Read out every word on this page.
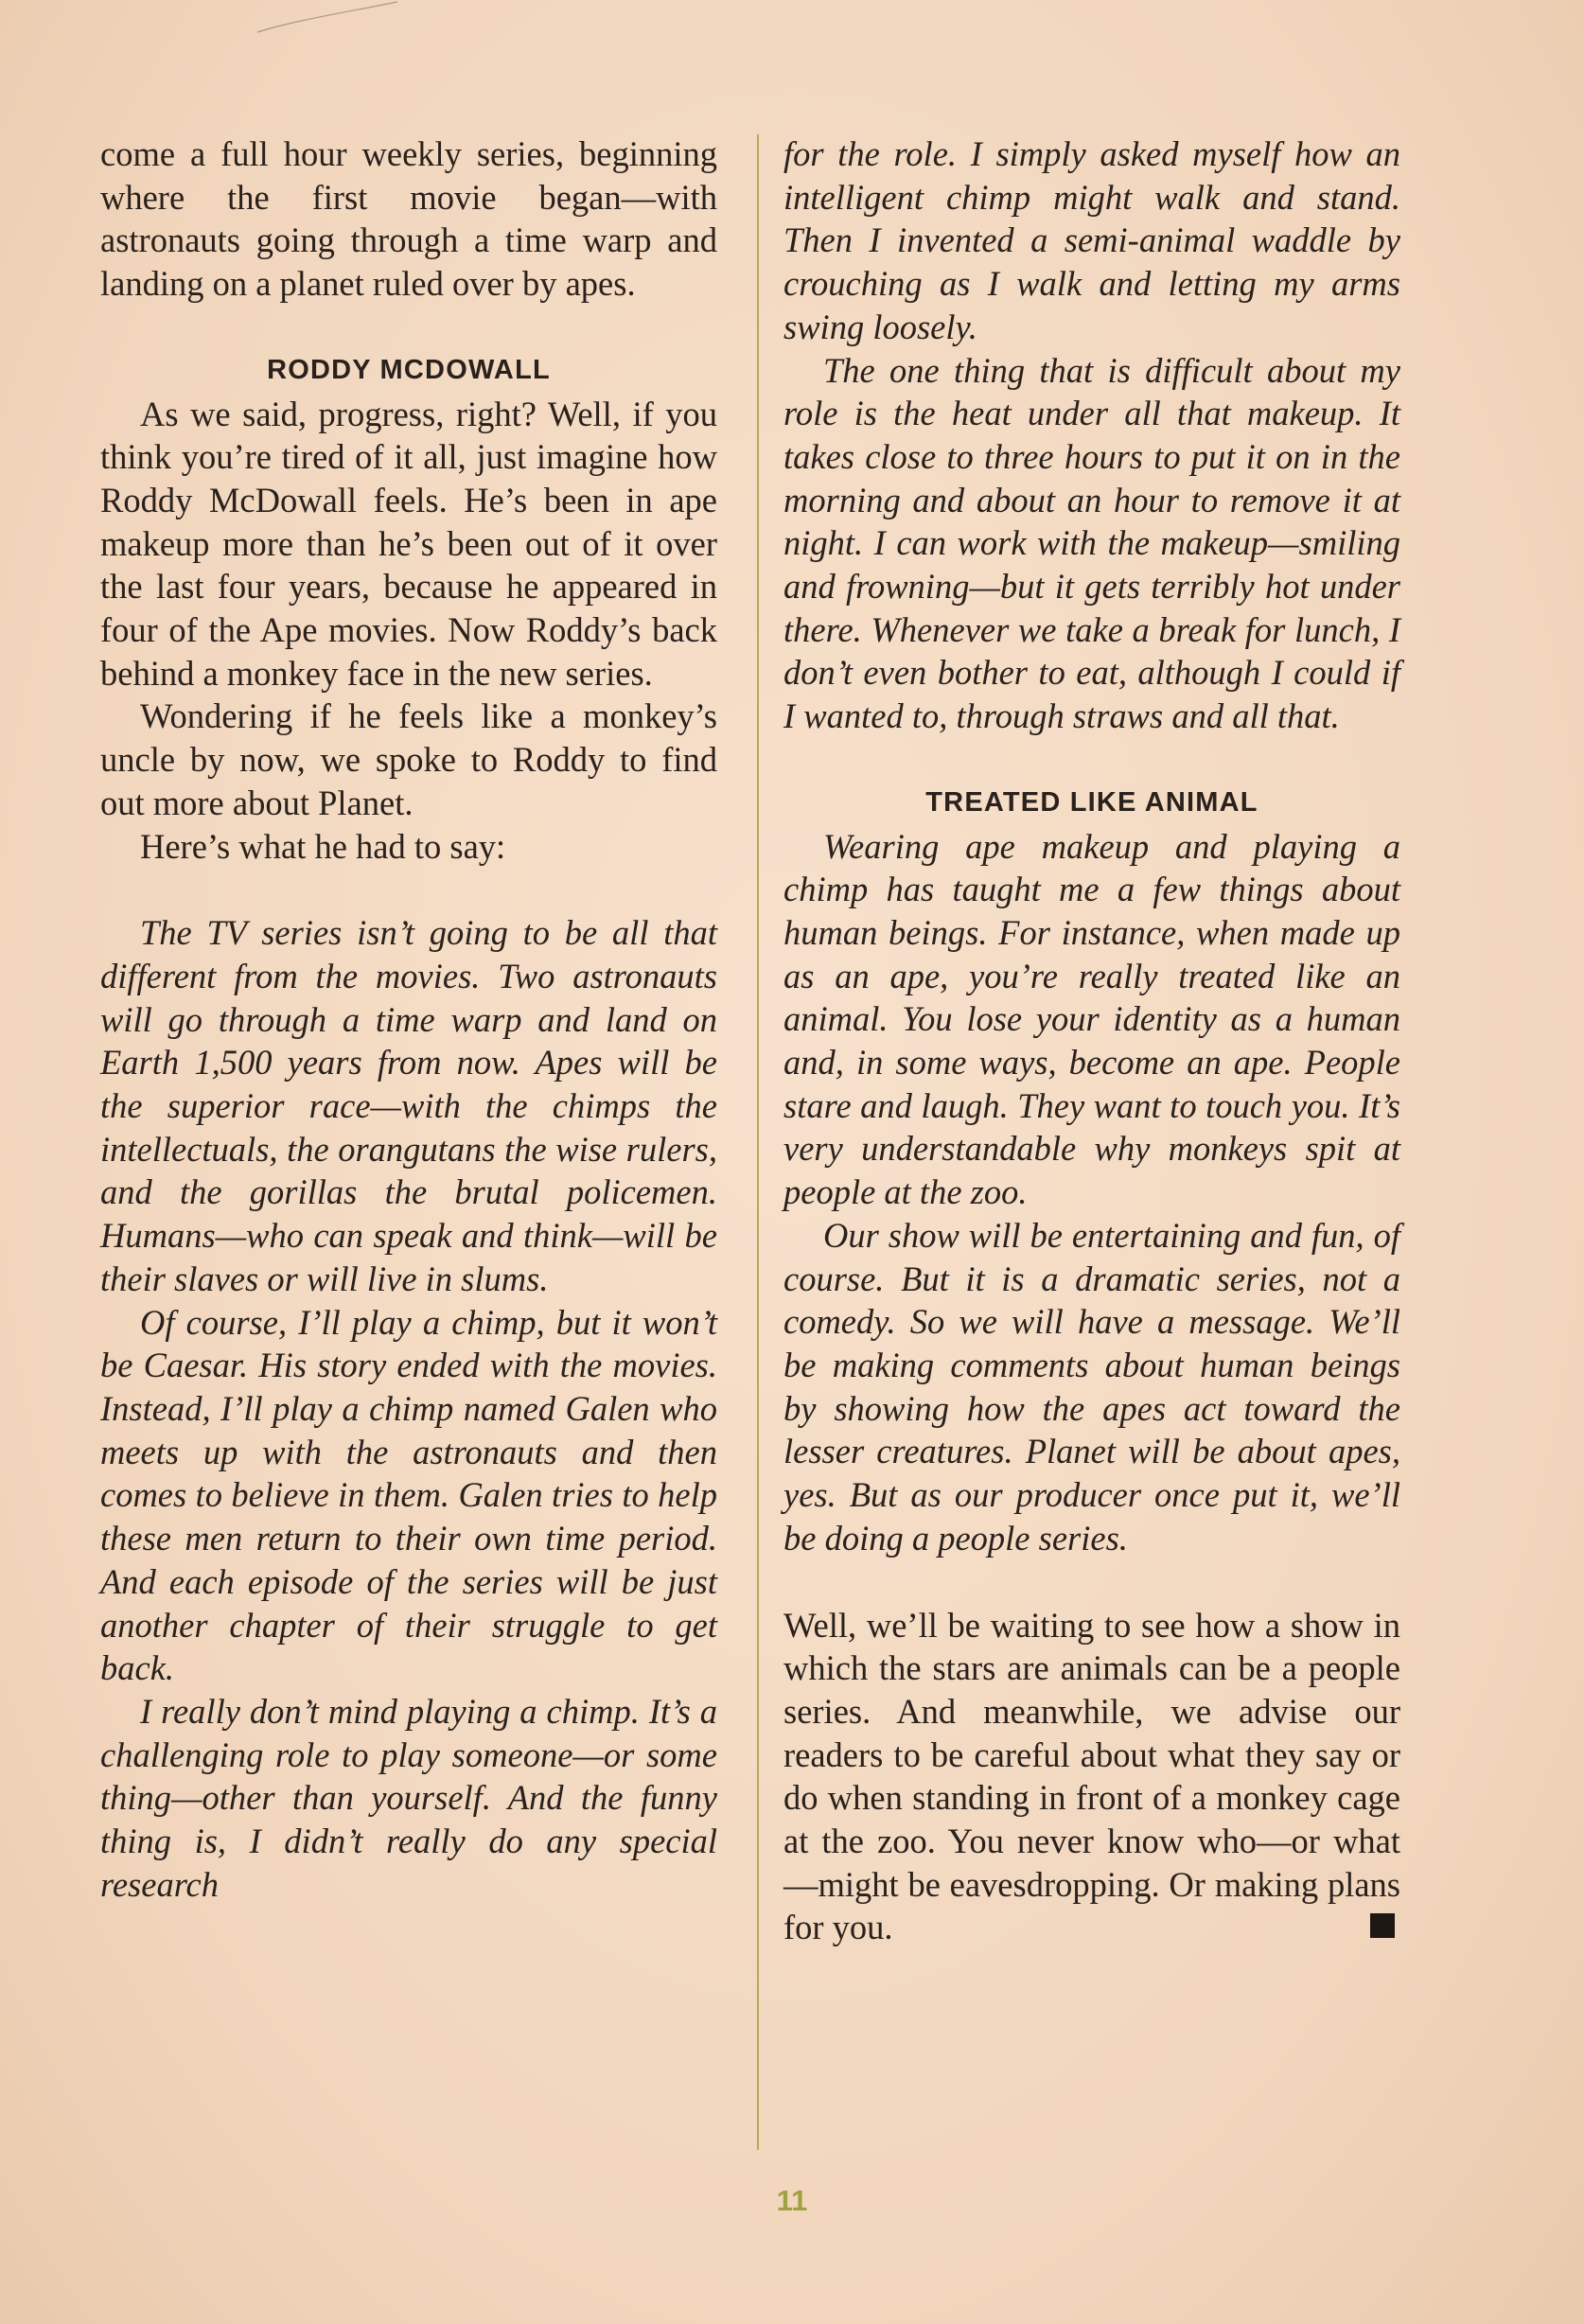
come a full hour weekly series, beginning where the first movie began—with astronauts going through a time warp and landing on a planet ruled over by apes.

RODDY MCDOWALL

As we said, progress, right? Well, if you think you’re tired of it all, just imagine how Roddy McDowall feels. He’s been in ape makeup more than he’s been out of it over the last four years, because he appeared in four of the Ape movies. Now Roddy’s back behind a monkey face in the new series.

Wondering if he feels like a monkey’s uncle by now, we spoke to Roddy to find out more about Planet.

Here’s what he had to say:

The TV series isn’t going to be all that different from the movies. Two astronauts will go through a time warp and land on Earth 1,500 years from now. Apes will be the superior race—with the chimps the intellectuals, the orangutans the wise rulers, and the gorillas the brutal policemen. Humans—who can speak and think—will be their slaves or will live in slums.

Of course, I’ll play a chimp, but it won’t be Caesar. His story ended with the movies. Instead, I’ll play a chimp named Galen who meets up with the astronauts and then comes to believe in them. Galen tries to help these men return to their own time period. And each episode of the series will be just another chapter of their struggle to get back.

I really don’t mind playing a chimp. It’s a challenging role to play someone—or some thing—other than yourself. And the funny thing is, I didn’t really do any special research

for the role. I simply asked myself how an intelligent chimp might walk and stand. Then I invented a semi-animal waddle by crouching as I walk and letting my arms swing loosely.

The one thing that is difficult about my role is the heat under all that makeup. It takes close to three hours to put it on in the morning and about an hour to remove it at night. I can work with the makeup—smiling and frowning—but it gets terribly hot under there. Whenever we take a break for lunch, I don’t even bother to eat, although I could if I wanted to, through straws and all that.

TREATED LIKE ANIMAL

Wearing ape makeup and playing a chimp has taught me a few things about human beings. For instance, when made up as an ape, you’re really treated like an animal. You lose your identity as a human and, in some ways, become an ape. People stare and laugh. They want to touch you. It’s very understandable why monkeys spit at people at the zoo.

Our show will be entertaining and fun, of course. But it is a dramatic series, not a comedy. So we will have a message. We’ll be making comments about human beings by showing how the apes act toward the lesser creatures. Planet will be about apes, yes. But as our producer once put it, we’ll be doing a people series.

Well, we’ll be waiting to see how a show in which the stars are animals can be a people series. And meanwhile, we advise our readers to be careful about what they say or do when standing in front of a monkey cage at the zoo. You never know who—or what—might be eavesdropping. Or making plans for you.

11
